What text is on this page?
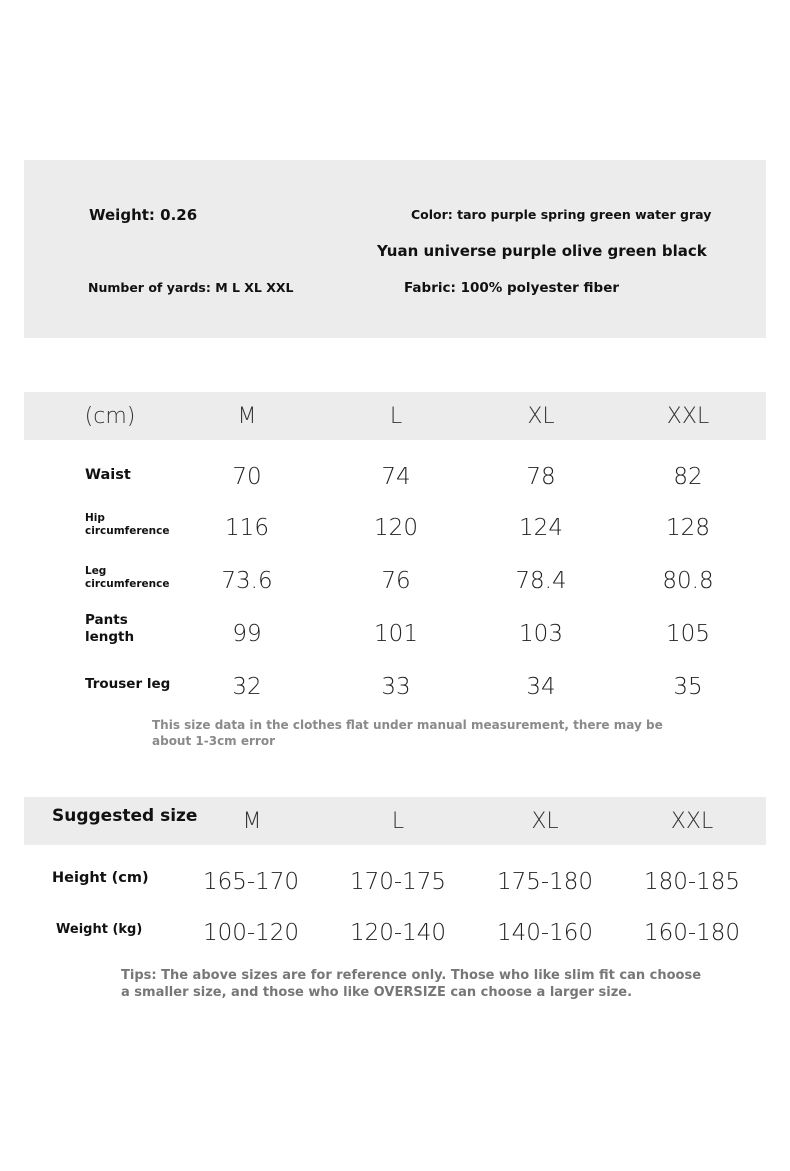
Weight: 0.26	Color: taro purple spring green water gray
Yuan universe purple olive green black
Number of yards: M L XL XXL	Fabric: 100% polyester fiber
(cm)	M	L	XL	XXL
Waist	70	74	78	82
Hip circumference 116	120	124	128
Leg circumference 73.6	76	78.4	80.8
Pants length	99	101	103	105
Trouser leg	32	33	34	35
This size data in the clothes flat under manual measurement, there may be about 1-3cm error
Suggested size M	L	XL	XXL
Height (cm) 165-170 170-175 175-180 180-185
Weight (kg)	100-120 120-140 140-160 160-180
Tips: The above sizes are for reference only. Those who like slim fit can choose a smaller size, and those who like OVERSIZE can choose a larger size.
